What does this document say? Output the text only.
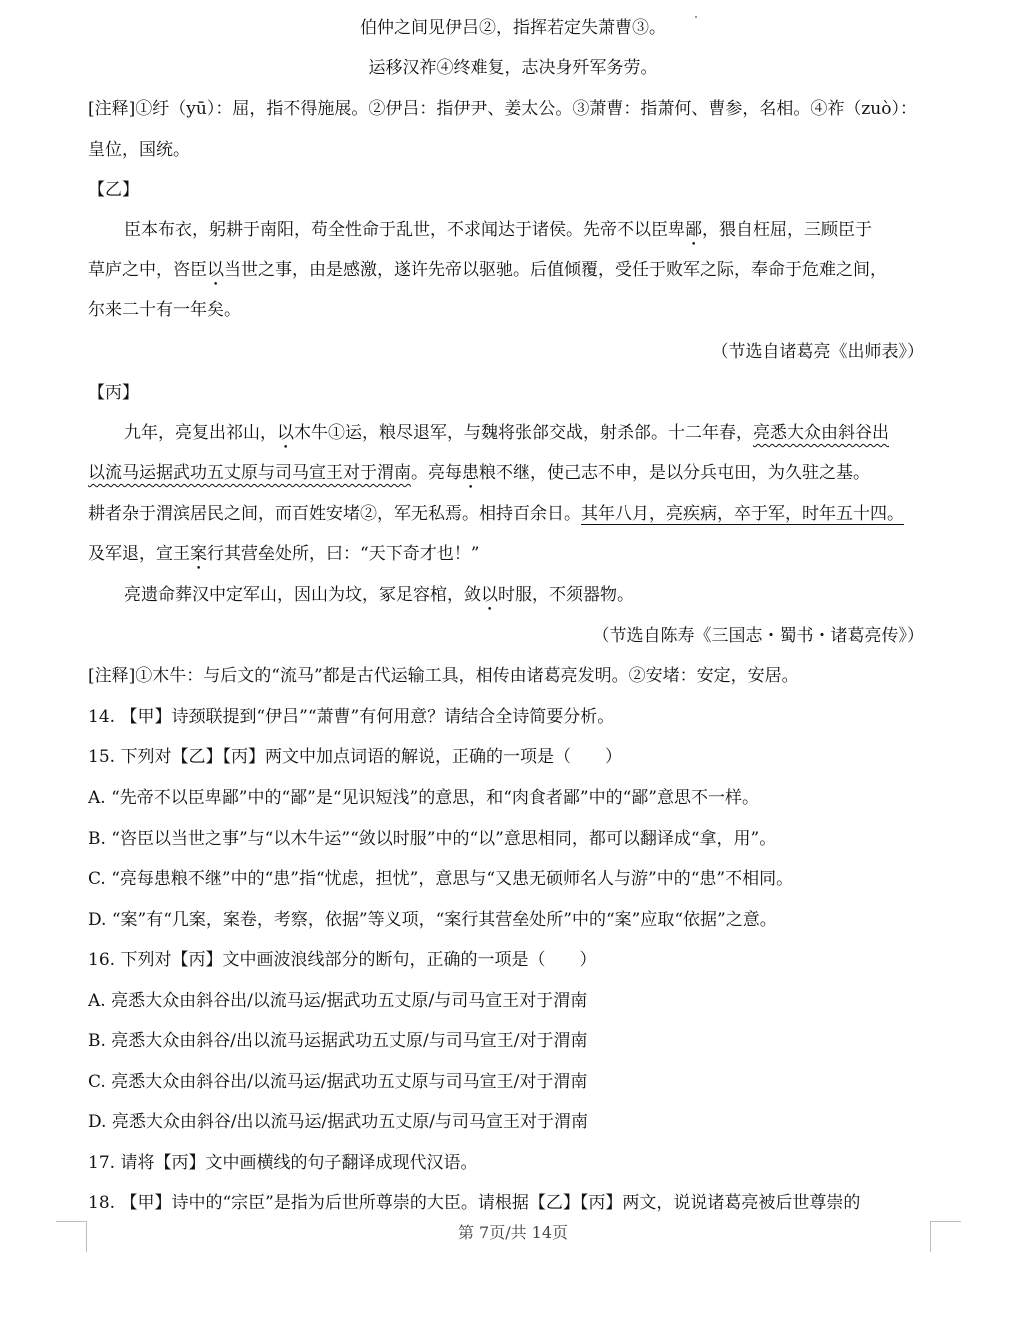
伯仲之间见伊吕②，指挥若定失萧曹③。
运移汉祚④终难复，志决身歼军务劳。
[注释]①纡（yū）：屈，指不得施展。②伊吕：指伊尹、姜太公。③萧曹：指萧何、曹参，名相。④祚（zuò）：
皇位，国统。
【乙】
臣本布衣，躬耕于南阳，苟全性命于乱世，不求闻达于诸侯。先帝不以臣卑鄙，猥自枉屈，三顾臣于
草庐之中，咨臣以当世之事，由是感激，遂许先帝以驱驰。后值倾覆，受任于败军之际，奉命于危难之间，
尔来二十有一年矣。
（节选自诸葛亮《出师表》）
【丙】
九年，亮复出祁山，以木牛①运，粮尽退军，与魏将张郃交战，射杀郃。十二年春，亮悉大众由斜谷出
以流马运据武功五丈原与司马宣王对于渭南。亮每患粮不继，使己志不申，是以分兵屯田，为久驻之基。
耕者杂于渭滨居民之间，而百姓安堵②，军无私焉。相持百余日。其年八月，亮疾病，卒于军，时年五十四。
及军退，宣王案行其营垒处所，曰：“天下奇才也！”
亮遗命葬汉中定军山，因山为坟，冢足容棺，敛以时服，不须器物。
（节选自陈寿《三国志・蜀书・诸葛亮传》）
[注释]①木牛：与后文的“流马”都是古代运输工具，相传由诸葛亮发明。②安堵：安定，安居。
14. 【甲】诗颈联提到“伊吕”“萧曹”有何用意？请结合全诗简要分析。
15. 下列对【乙】【丙】两文中加点词语的解说，正确的一项是（　　）
A. “先帝不以臣卑鄙”中的“鄙”是“见识短浅”的意思，和“肉食者鄙”中的“鄙”意思不一样。
B. “咨臣以当世之事”与“以木牛运”“敛以时服”中的“以”意思相同，都可以翻译成“拿，用”。
C. “亮每患粮不继”中的“患”指“忧虑，担忧”，意思与“又患无硕师名人与游”中的“患”不相同。
D. “案”有“几案，案卷，考察，依据”等义项，“案行其营垒处所”中的“案”应取“依据”之意。
16. 下列对【丙】文中画波浪线部分的断句，正确的一项是（　　）
A. 亮悉大众由斜谷出/以流马运/据武功五丈原/与司马宣王对于渭南
B. 亮悉大众由斜谷/出以流马运据武功五丈原/与司马宣王/对于渭南
C. 亮悉大众由斜谷出/以流马运/据武功五丈原与司马宣王/对于渭南
D. 亮悉大众由斜谷/出以流马运/据武功五丈原/与司马宣王对于渭南
17. 请将【丙】文中画横线的句子翻译成现代汉语。
18. 【甲】诗中的“宗臣”是指为后世所尊崇的大臣。请根据【乙】【丙】两文，说说诸葛亮被后世尊崇的
第 7页/共 14页
